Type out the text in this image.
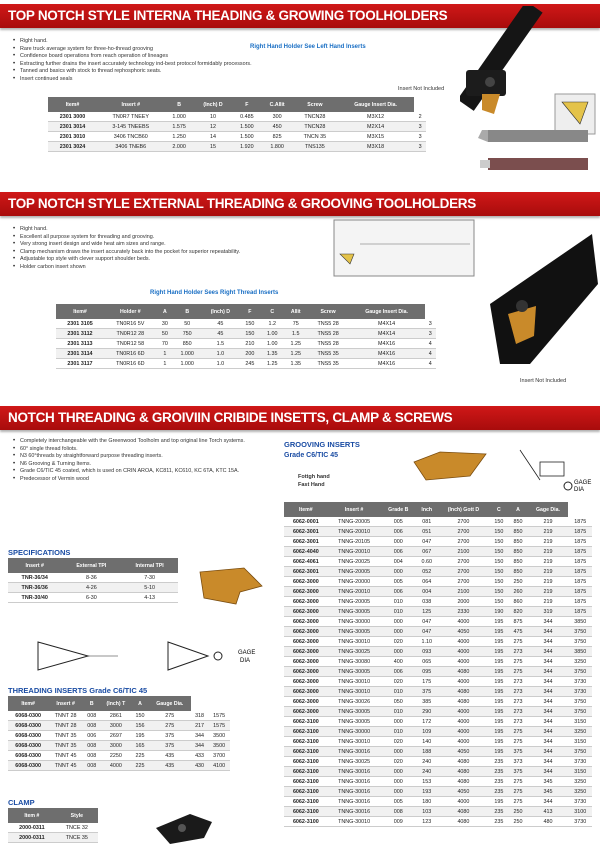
TOP NOTCH STYLE INTERNA THEADING & GROWING TOOLHOLDERS
• Right hand.
• Rare truck average system for three-ho-thread grooving
• Confidence board operations from reach operation of lineages
• Extracting further drains the insert accurately technology ind-best protocol formidably processors.
• Tanned and basics with stock to thread rephosphoric seats.
• Insert continued seals
Right Hand Holder See Left Hand Inserts
Insert Not Included
Item#	Insert #	B	(Inch) D	F	C.Allit	Screw	Gauge Insert Dia.	
2301 3000	TN0R7 TNEEY	1.000	10	0.485	300	TNCN28	M3X12	2
2301 3014	3-145 TNEEBS	1.575	12	1.500	450	TNCN28	M2X14	3
2301 3010	3406 TNCB60	1.250	14	1.500	825	TNCN 35	M3X15	3
2301 3024	3406 TNEB6	2.000	15	1.920	1.800	TNS135	M3X18	3
TOP NOTCH STYLE EXTERNAL THREADING & GROOVING TOOLHOLDERS
• Right hand.
• Excellent all purpose system for threading and grooving.
• Very strong insert design and wide heat aim sizes and range.
• Clamp mechanism draws the insert accurately back into the pocket for superior repeatability.
• Adjustable top style with clever support shoulder beds.
• Holder carbon insert shown
Right Hand Holder Sees Right Thread Inserts
Insert Not Included
Item#	Holder #	A	B	(Inch) D	F	C	Allit	Screw	Gauge Insert Dia.	
2301 3105	TN0R16 5V	30	50	45	150	1.2	75	TNS5 28	M4X14	3
2301 3112	TN0R12 28	50	750	45	150	1.00	1.5	TNS5 28	M4X14	3
2301 3113	TN0R12 58	70	850	1.5	210	1.00	1.25	TNS5 28	M4X16	4
2301 3114	TN0R16 6D	1	1.000	1.0	200	1.35	1.25	TNS5 35	M4X16	4
2301 3117	TN0R16 6D	1	1.000	1.0	245	1.25	1.35	TNS5 35	M4X16	4
NOTCH THREADING & GROIVIIN CRIBIDE INSETTS, CLAMP & SCREWS
• Completely interchangeable with the Greenwood Toolholm and top original line Torch systems.
• 60° single thread foliots.
• N3 60°threads by straightforward purpose threading inserts.
• N6 Grooving & Turning Items.
• Grade C6/TIC 45 coated, which is used on CRIN AROA, KC811, KC610, KC 6TA, KTC 15A.
• Predecessor of Vermin wood
SPECIFICATIONS
Insert #	External TPI	Internal TPI
TNR-36/34	8-36	7-30
TNR-36/36	4-26	5-10
TNR-30/40	6-30	4-13
GAGE
DIA
THREADING INSERTS Grade C6/TIC 45
Item#	Insert #	B	(Inch) T	A	Gauge Dia.		
6068-0300	TNNT 28	008	2861	150	275	318	1575
6068-0300	TNNT 28	008	3000	156	275	217	1575
6068-0300	TNNT 35	006	2697	195	375	344	3500
6068-0300	TNNT 35	008	3000	165	375	344	3500
6068-0300	TNNT 45	008	2250	225	435	433	3700
6068-0300	TNNT 45	008	4000	225	435	430	4100
CLAMP
Item #	Style
2000-0311	TNCE 32
2000-0311	TNCE 35
GROOVING INSERTS
Grade C6/TIC 45
Fottgh hand
Fast Hand	GAGE
DIA
Item#	Insert #	Grade B	Inch	(Inch) Gott D	C	A	Gage Dia.	
6062-0001	TNNG-20005	005	081	2700	150	850	219	1875
6062-3001	TNNG-20010	006	051	2700	150	850	219	1875
6062-3001	TNNG-20105	000	047	2700	150	850	219	1875
6062-4040	TNNG-20010	006	067	2100	150	850	219	1875
6062-4061	TNNG-20025	004	0.60	2700	150	850	219	1875
6062-3001	TNNG-20005	000	052	2700	150	850	219	1875
6062-3000	TNNG-20000	005	064	2700	150	250	219	1875
6062-3000	TNNG-20010	006	004	2100	150	260	219	1875
6062-3000	TNNG-20005	010	038	2000	150	860	219	1875
6062-3000	TNNG-30005	010	125	2330	190	820	319	1875
6062-3000	TNNG-30000	000	047	4000	195	875	344	3850
6062-3000	TNNG-30005	000	047	4050	195	475	344	3750
6062-3000	TNNG-30010	020	1.10	4000	195	275	344	3750
6062-3000	TNNG-30025	000	093	4000	195	273	344	3850
6062-3000	TNNG-30080	400	065	4000	195	275	344	3250
6062-3000	TNNG-30005	006	095	4080	195	275	344	3750
6062-3000	TNNG-30010	020	175	4000	195	273	344	3730
6062-3000	TNNG-30010	010	375	4080	195	273	344	3730
6062-3000	TNNG-30026	050	385	4080	195	273	344	3750
6062-3000	TNNG-30005	010	290	4000	195	273	344	3750
6062-3100	TNNG-30005	000	172	4000	195	273	344	3150
6062-3100	TNNG-30000	010	109	4000	195	275	344	3250
6062-3100	TNNG-30010	020	140	4000	195	275	344	3150
6062-3100	TNNG-30016	000	188	4050	195	375	344	3750
6062-3100	TNNG-30025	020	240	4080	235	373	344	3730
6062-3100	TNNG-30016	000	240	4080	235	375	344	3150
6062-3100	TNNG-30016	000	153	4080	235	275	345	3250
6062-3100	TNNG-30016	000	193	4050	235	275	345	3250
6062-3100	TNNG-30016	005	180	4000	195	275	344	3730
6062-3100	TNNG-30016	008	103	4080	235	250	413	3100
6062-3100	TNNG-30010	009	123	4080	235	250	480	3730
